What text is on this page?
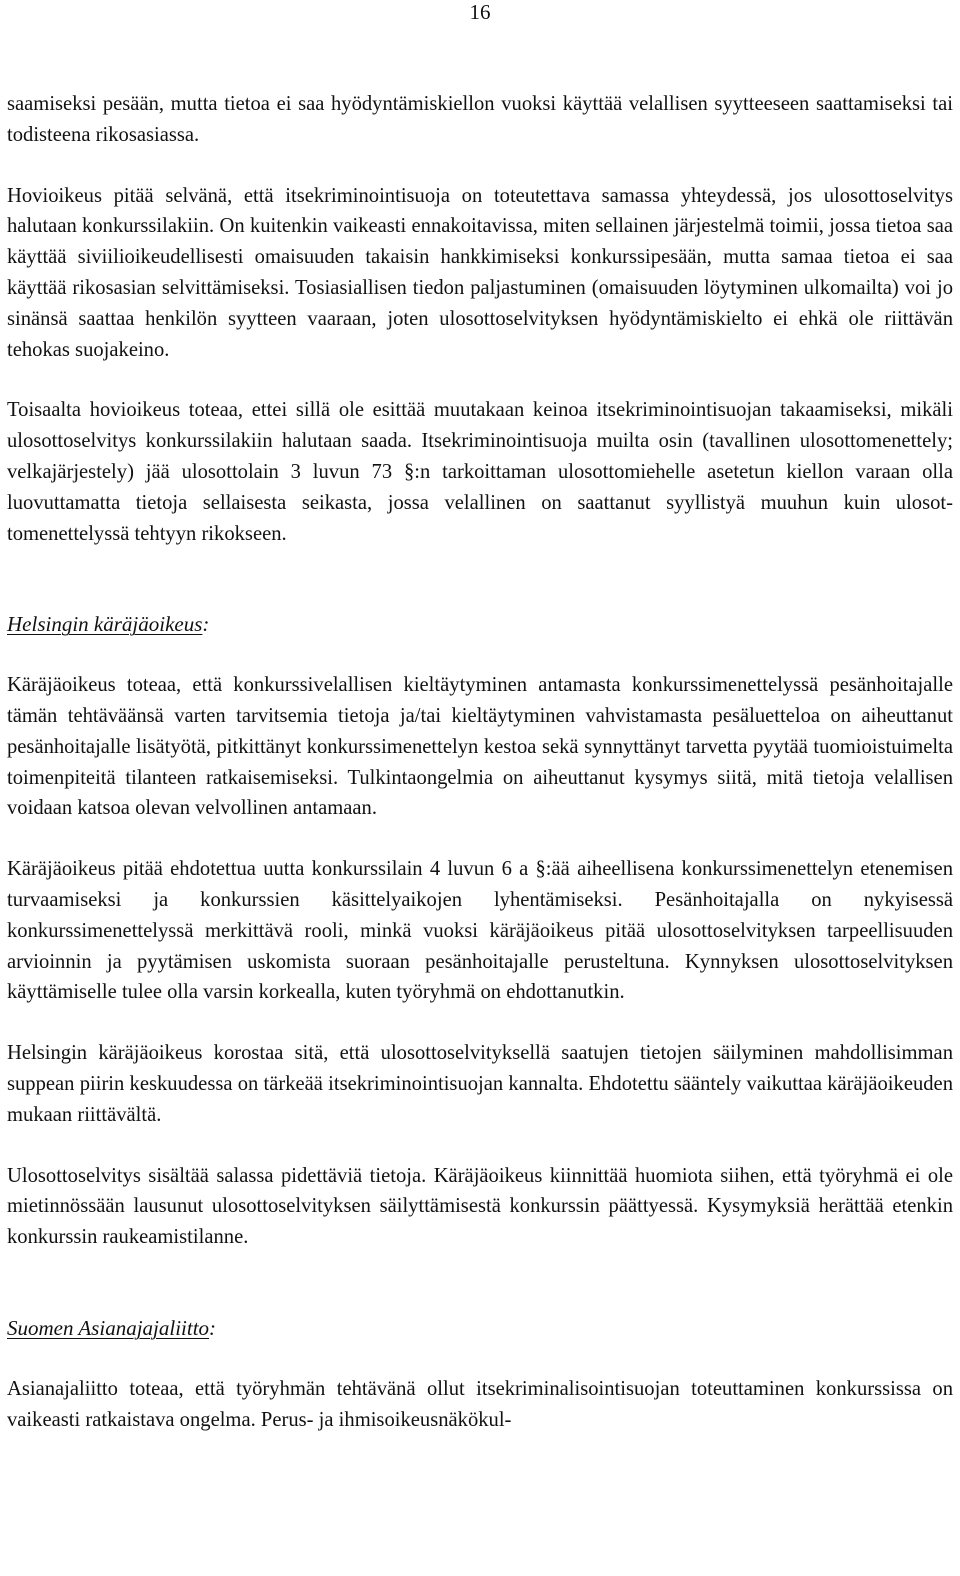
16

saamiseksi pesään, mutta tietoa ei saa hyödyntämiskiellon vuoksi käyttää velallisen syytteeseen saattamiseksi tai todisteena rikosasiassa.

Hovioikeus pitää selvänä, että itsekriminointisuoja on toteutettava samassa yhteydessä, jos ulosottoselvitys halutaan konkurssilakiin. On kuitenkin vaikeasti ennakoitavissa, miten sellainen järjestelmä toimii, jossa tietoa saa käyttää siviilioikeudellisesti omaisuuden takaisin hankkimiseksi konkurssipesään, mutta samaa tietoa ei saa käyttää rikosasian selvittämiseksi. Tosiasiallisen tiedon paljastuminen (omaisuuden löytyminen ulkomailta) voi jo sinänsä saattaa henkilön syytteen vaaraan, joten ulosottoselvityksen hyödyntämiskielto ei ehkä ole riittävän tehokas suojakeino.

Toisaalta hovioikeus toteaa, ettei sillä ole esittää muutakaan keinoa itsekriminointisuojan takaamiseksi, mikäli ulosottoselvitys konkurssilakiin halutaan saada. Itsekriminointisuoja muilta osin (tavallinen ulosottomenettely; velkajärjestely) jää ulosottolain 3 luvun 73 §:n tarkoittaman ulosottomiehelle asetetun kiellon varaan olla luovuttamatta tietoja sellaisesta seikasta, jossa velallinen on saattanut syyllistyä muuhun kuin ulosottomenettelyssä tehtyyn rikokseen.

Helsingin käräjäoikeus:

Käräjäoikeus toteaa, että konkurssivelallisen kieltäytyminen antamasta konkurssimenettelyssä pesänhoitajalle tämän tehtäväänsä varten tarvitsemia tietoja ja/tai kieltäytyminen vahvistamasta pesäluetteloa on aiheuttanut pesänhoitajalle lisätyötä, pitkittänyt konkurssimenettelyn kestoa sekä synnyttänyt tarvetta pyytää tuomioistuimelta toimenpiteitä tilanteen ratkaisemiseksi. Tulkintaongelmia on aiheuttanut kysymys siitä, mitä tietoja velallisen voidaan katsoa olevan velvollinen antamaan.

Käräjäoikeus pitää ehdotettua uutta konkurssilain 4 luvun 6 a §:ää aiheellisena konkurssimenettelyn etenemisen turvaamiseksi ja konkurssien käsittelyaikojen lyhentämiseksi. Pesänhoitajalla on nykyisessä konkurssimenettelyssä merkittävä rooli, minkä vuoksi käräjäoikeus pitää ulosottoselvityksen tarpeellisuuden arvioinnin ja pyytämisen uskomista suoraan pesänhoitajalle perusteltuna. Kynnyksen ulosottoselvityksen käyttämiselle tulee olla varsin korkealla, kuten työryhmä on ehdottanutkin.

Helsingin käräjäoikeus korostaa sitä, että ulosottoselvityksellä saatujen tietojen säilyminen mahdollisimman suppean piirin keskuudessa on tärkeää itsekriminointisuojan kannalta. Ehdotettu sääntely vaikuttaa käräjäoikeuden mukaan riittävältä.

Ulosottoselvitys sisältää salassa pidettäviä tietoja. Käräjäoikeus kiinnittää huomiota siihen, että työryhmä ei ole mietinnössään lausunut ulosottoselvityksen säilyttämisestä konkurssin päättyessä. Kysymyksiä herättää etenkin konkurssin raukeamistilanne.

Suomen Asianajajaliitto:

Asianajaliitto toteaa, että työryhmän tehtävänä ollut itsekriminalisointisuojan toteuttaminen konkurssissa on vaikeasti ratkaistava ongelma. Perus- ja ihmisoikeusnäkökul-
